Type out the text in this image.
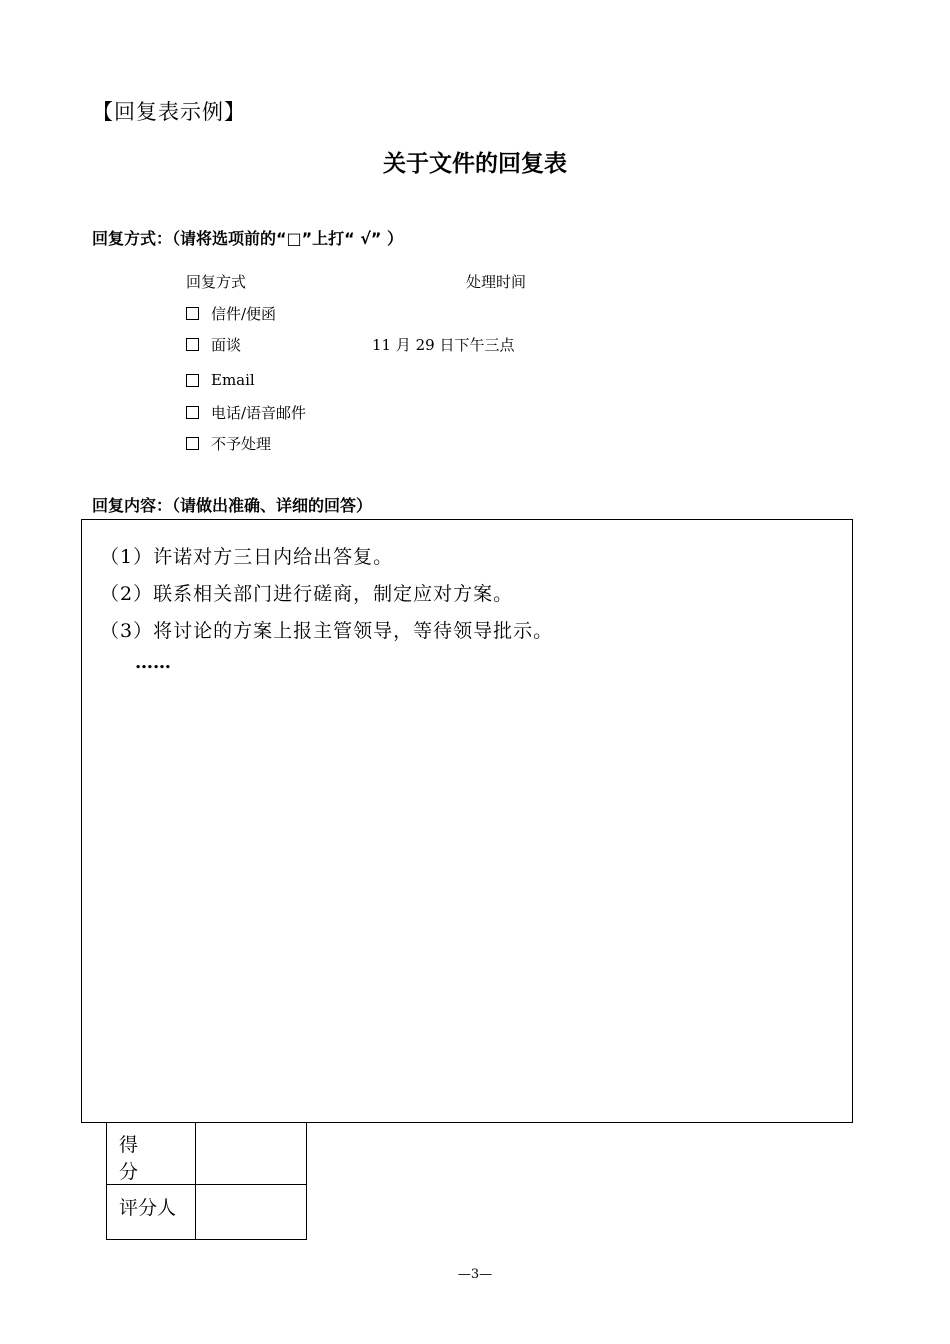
【回复表示例】
关于文件的回复表
回复方式：（请将选项前的“□”上打“ √” ）
回复方式	处理时间
信件/便函
面谈	11 月 29 日下午三点
Email
电话/语音邮件
不予处理
回复内容：（请做出准确、详细的回答）
（1）许诺对方三日内给出答复。
（2）联系相关部门进行磋商，制定应对方案。
（3）将讨论的方案上报主管领导，等待领导批示。
……
得 分	
评分人	
—3—
